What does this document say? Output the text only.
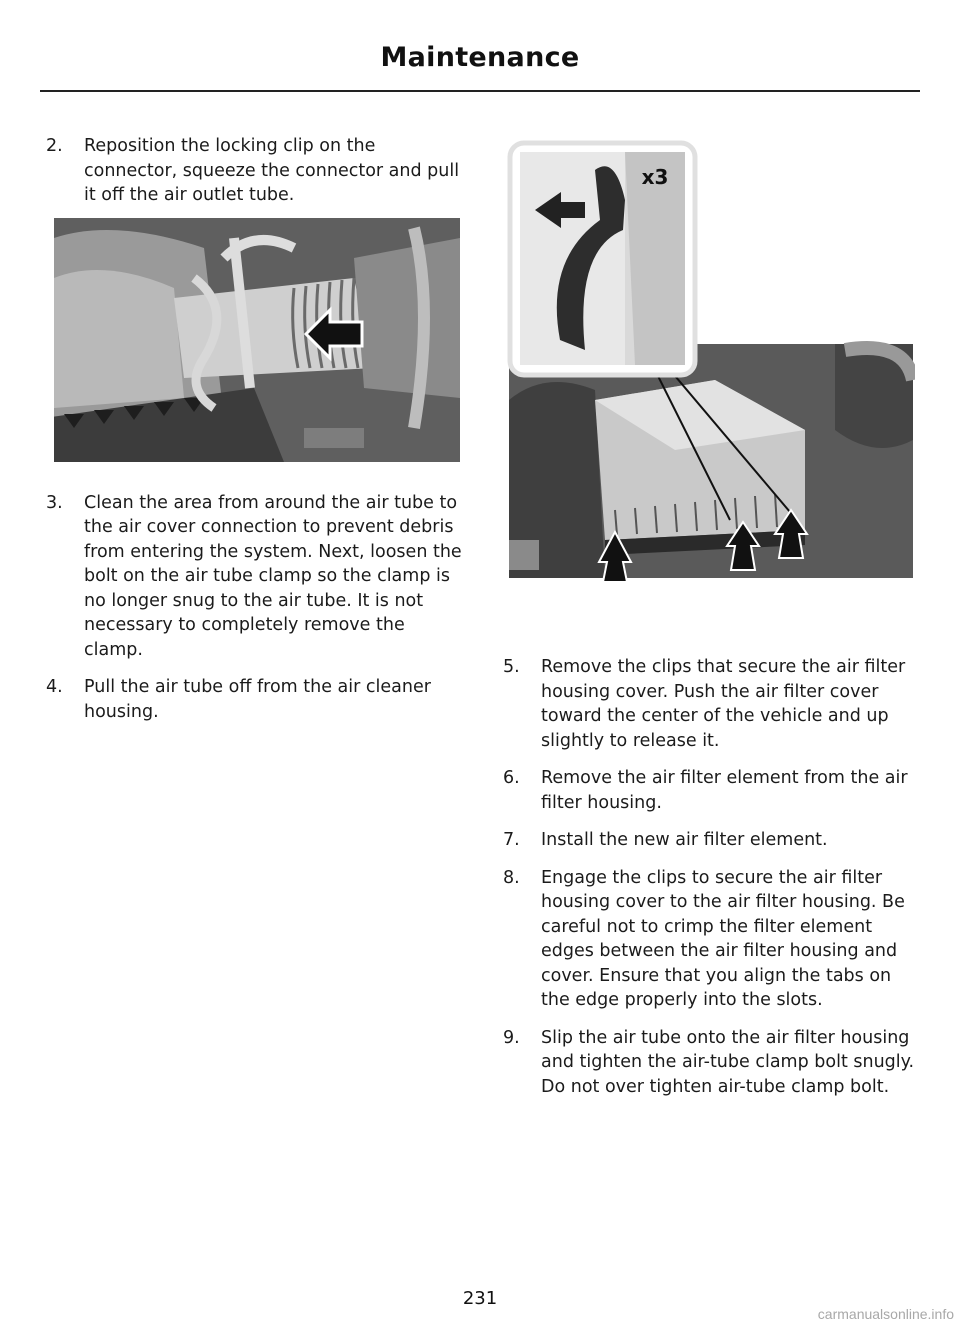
Maintenance
2.	Reposition the locking clip on the connector, squeeze the connector and pull it off the air outlet tube.
3.	Clean the area from around the air tube to the air cover connection to prevent debris from entering the system. Next, loosen the bolt on the air tube clamp so the clamp is no longer snug to the air tube. It is not necessary to completely remove the clamp.
4.	Pull the air tube off from the air cleaner housing.
x3
5.	Remove the clips that secure the air filter housing cover. Push the air filter cover toward the center of the vehicle and up slightly to release it.
6.	Remove the air filter element from the air filter housing.
7.	Install the new air filter element.
8.	Engage the clips to secure the air filter housing cover to the air filter housing. Be careful not to crimp the filter element edges between the air filter housing and cover. Ensure that you align the tabs on the edge properly into the slots.
9.	Slip the air tube onto the air filter housing and tighten the air-tube clamp bolt snugly. Do not over tighten air-tube clamp bolt.
231
carmanualsonline.info
